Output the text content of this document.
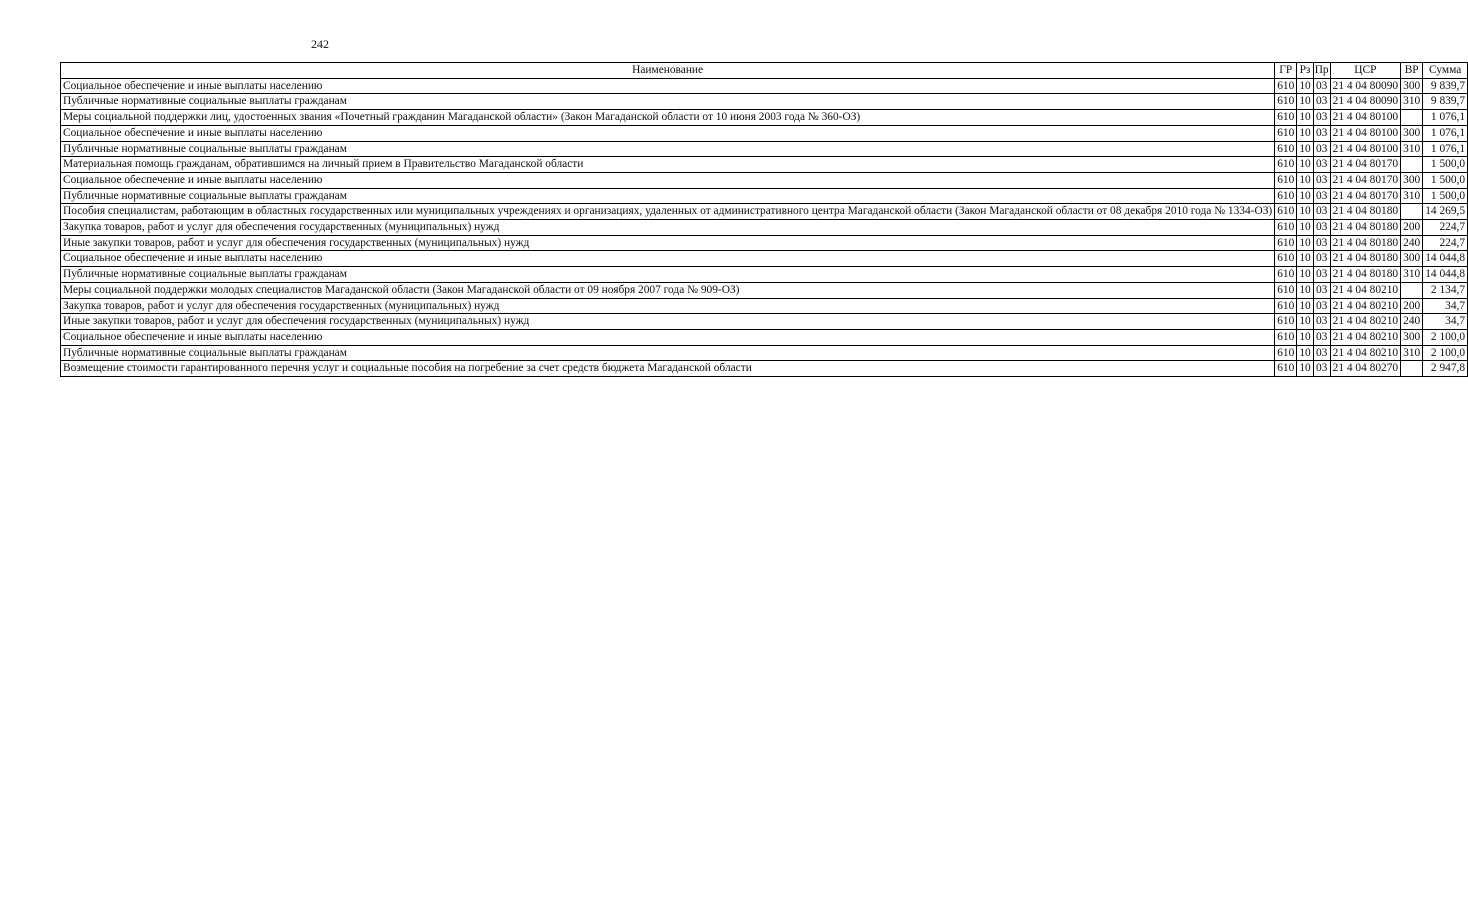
242
Наименование	ГР	Рз	Пр	ЦСР	ВР	Сумма
Социальное обеспечение и иные выплаты населению	610	10	03	21 4 04 80090	300	9 839,7
Публичные нормативные социальные выплаты гражданам	610	10	03	21 4 04 80090	310	9 839,7
Меры социальной поддержки лиц, удостоенных звания «Почетный гражданин Магаданской области» (Закон Магаданской области от 10 июня 2003 года № 360-ОЗ)	610	10	03	21 4 04 80100		1 076,1
Социальное обеспечение и иные выплаты населению	610	10	03	21 4 04 80100	300	1 076,1
Публичные нормативные социальные выплаты гражданам	610	10	03	21 4 04 80100	310	1 076,1
Материальная помощь гражданам, обратившимся на личный прием в Правительство Магаданской области	610	10	03	21 4 04 80170		1 500,0
Социальное обеспечение и иные выплаты населению	610	10	03	21 4 04 80170	300	1 500,0
Публичные нормативные социальные выплаты гражданам	610	10	03	21 4 04 80170	310	1 500,0
Пособия специалистам, работающим в областных государственных или муниципальных учреждениях и организациях, удаленных от административного центра Магаданской области (Закон Магаданской области от 08 декабря 2010 года № 1334-ОЗ)	610	10	03	21 4 04 80180		14 269,5
Закупка товаров, работ и услуг для обеспечения государственных (муниципальных) нужд	610	10	03	21 4 04 80180	200	224,7
Иные закупки товаров, работ и услуг для обеспечения государственных (муниципальных) нужд	610	10	03	21 4 04 80180	240	224,7
Социальное обеспечение и иные выплаты населению	610	10	03	21 4 04 80180	300	14 044,8
Публичные нормативные социальные выплаты гражданам	610	10	03	21 4 04 80180	310	14 044,8
Меры социальной поддержки молодых специалистов Магаданской области (Закон Магаданской области от 09 ноября 2007 года № 909-ОЗ)	610	10	03	21 4 04 80210		2 134,7
Закупка товаров, работ и услуг для обеспечения государственных (муниципальных) нужд	610	10	03	21 4 04 80210	200	34,7
Иные закупки товаров, работ и услуг для обеспечения государственных (муниципальных) нужд	610	10	03	21 4 04 80210	240	34,7
Социальное обеспечение и иные выплаты населению	610	10	03	21 4 04 80210	300	2 100,0
Публичные нормативные социальные выплаты гражданам	610	10	03	21 4 04 80210	310	2 100,0
Возмещение стоимости гарантированного перечня услуг и социальные пособия на погребение за счет средств бюджета Магаданской области	610	10	03	21 4 04 80270		2 947,8
